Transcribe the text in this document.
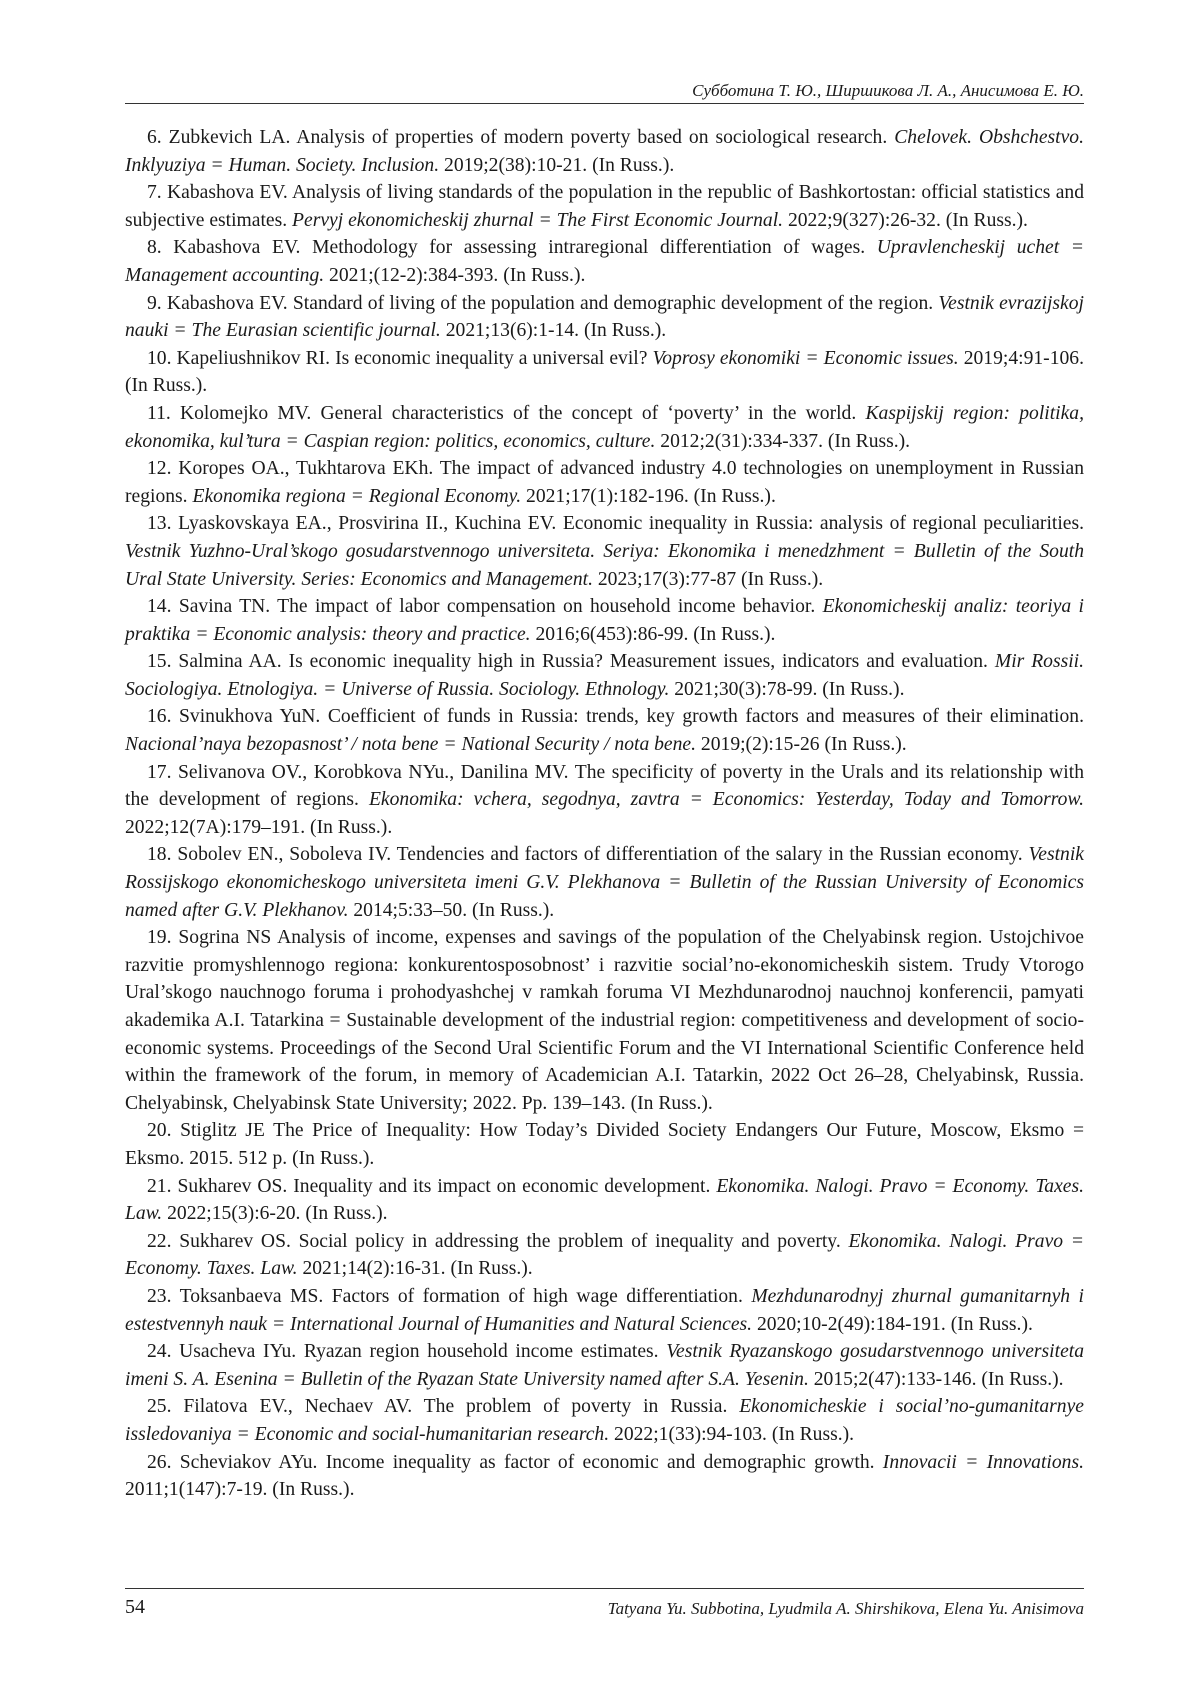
Субботина Т. Ю., Ширшикова Л. А., Анисимова Е. Ю.

6. Zubkevich LA. Analysis of properties of modern poverty based on sociological research. Chelovek. Obshchestvo. Inklyuziya = Human. Society. Inclusion. 2019;2(38):10-21. (In Russ.).

7. Kabashova EV. Analysis of living standards of the population in the republic of Bashkortostan: official statistics and subjective estimates. Pervyj ekonomicheskij zhurnal = The First Economic Journal. 2022;9(327):26-32. (In Russ.).

8. Kabashova EV. Methodology for assessing intraregional differentiation of wages. Upravlencheskij uchet = Management accounting. 2021;(12-2):384-393. (In Russ.).

9. Kabashova EV. Standard of living of the population and demographic development of the region. Vestnik evrazijskoj nauki = The Eurasian scientific journal. 2021;13(6):1-14. (In Russ.).

10. Kapeliushnikov RI. Is economic inequality a universal evil? Voprosy ekonomiki = Economic issues. 2019;4:91-106. (In Russ.).

11. Kolomejko MV. General characteristics of the concept of ‘poverty’ in the world. Kaspijskij region: politika, ekonomika, kul’tura = Caspian region: politics, economics, culture. 2012;2(31):334-337. (In Russ.).

12. Koropes OA., Tukhtarova EKh. The impact of advanced industry 4.0 technologies on unemployment in Russian regions. Ekonomika regiona = Regional Economy. 2021;17(1):182-196. (In Russ.).

13. Lyaskovskaya EA., Prosvirina II., Kuchina EV. Economic inequality in Russia: analysis of regional peculiarities. Vestnik Yuzhno-Ural’skogo gosudarstvennogo universiteta. Seriya: Ekonomika i menedzhment = Bulletin of the South Ural State University. Series: Economics and Management. 2023;17(3):77-87 (In Russ.).

14. Savina TN. The impact of labor compensation on household income behavior. Ekonomicheskij analiz: teoriya i praktika = Economic analysis: theory and practice. 2016;6(453):86-99. (In Russ.).

15. Salmina AA. Is economic inequality high in Russia? Measurement issues, indicators and evaluation. Mir Rossii. Sociologiya. Etnologiya. = Universe of Russia. Sociology. Ethnology. 2021;30(3):78-99. (In Russ.).

16. Svinukhova YuN. Coefficient of funds in Russia: trends, key growth factors and measures of their elimination. Nacional’naya bezopasnost’ / nota bene = National Security / nota bene. 2019;(2):15-26 (In Russ.).

17. Selivanova OV., Korobkova NYu., Danilina MV. The specificity of poverty in the Urals and its relationship with the development of regions. Ekonomika: vchera, segodnya, zavtra = Economics: Yesterday, Today and Tomorrow. 2022;12(7A):179–191. (In Russ.).

18. Sobolev EN., Soboleva IV. Tendencies and factors of differentiation of the salary in the Russian economy. Vestnik Rossijskogo ekonomicheskogo universiteta imeni G.V. Plekhanova = Bulletin of the Russian University of Economics named after G.V. Plekhanov. 2014;5:33–50. (In Russ.).

19. Sogrina NS Analysis of income, expenses and savings of the population of the Chelyabinsk region. Ustojchivoe razvitie promyshlennogo regiona: konkurentosposobnost’ i razvitie social’no-ekonomicheskih sistem. Trudy Vtorogo Ural’skogo nauchnogo foruma i prohodyashchej v ramkah foruma VI Mezhdunarodnoj nauchnoj konferencii, pamyati akademika A.I. Tatarkina = Sustainable development of the industrial region: competitiveness and development of socio-economic systems. Proceedings of the Second Ural Scientific Forum and the VI International Scientific Conference held within the framework of the forum, in memory of Academician A.I. Tatarkin, 2022 Oct 26–28, Chelyabinsk, Russia. Chelyabinsk, Chelyabinsk State University; 2022. Pp. 139–143. (In Russ.).

20. Stiglitz JE The Price of Inequality: How Today’s Divided Society Endangers Our Future, Moscow, Eksmo = Eksmo. 2015. 512 p. (In Russ.).

21. Sukharev OS. Inequality and its impact on economic development. Ekonomika. Nalogi. Pravo = Economy. Taxes. Law. 2022;15(3):6-20. (In Russ.).

22. Sukharev OS. Social policy in addressing the problem of inequality and poverty. Ekonomika. Nalogi. Pravo = Economy. Taxes. Law. 2021;14(2):16-31. (In Russ.).

23. Toksanbaeva MS. Factors of formation of high wage differentiation. Mezhdunarodnyj zhurnal gumanitarnyh i estestvennyh nauk = International Journal of Humanities and Natural Sciences. 2020;10-2(49):184-191. (In Russ.).

24. Usacheva IYu. Ryazan region household income estimates. Vestnik Ryazanskogo gosudarstvennogo universiteta imeni S. A. Esenina = Bulletin of the Ryazan State University named after S.A. Yesenin. 2015;2(47):133-146. (In Russ.).

25. Filatova EV., Nechaev AV. The problem of poverty in Russia. Ekonomicheskie i social’no-gumanitarnye issledovaniya = Economic and social-humanitarian research. 2022;1(33):94-103. (In Russ.).

26. Scheviakov AYu. Income inequality as factor of economic and demographic growth. Innovacii = Innovations. 2011;1(147):7-19. (In Russ.).

54	Tatyana Yu. Subbotina, Lyudmila A. Shirshikova, Elena Yu. Anisimova
